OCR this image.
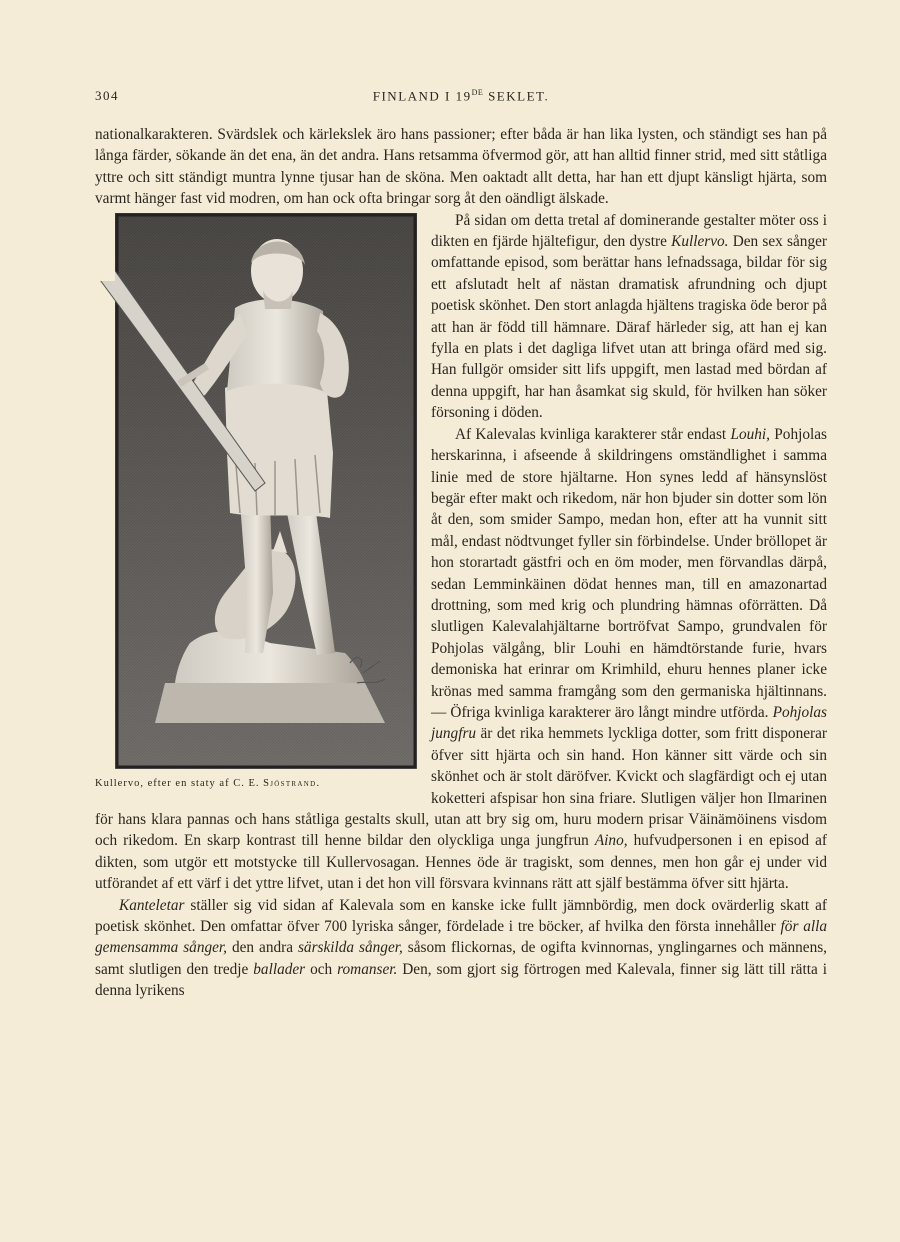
304	FINLAND I 19DE SEKLET.

nationalkarakteren. Svärdslek och kärlekslek äro hans passioner; efter båda är han lika lysten, och ständigt ses han på långa färder, sökande än det ena, än det andra. Hans retsamma öfvermod gör, att han alltid finner strid, med sitt ståtliga yttre och sitt ständigt muntra lynne tjusar han de sköna. Men oaktadt allt detta, har han ett djupt känsligt hjärta, som varmt hänger fast vid modren, om han ock ofta bringar sorg åt den oändligt älskade.

Kullervo, efter en staty af C. E. Sjöstrand.

På sidan om detta tretal af dominerande gestalter möter oss i dikten en fjärde hjältefigur, den dystre Kullervo. Den sex sånger omfattande episod, som berättar hans lefnadssaga, bildar för sig ett afslutadt helt af nästan dramatisk afrundning och djupt poetisk skönhet. Den stort anlagda hjältens tragiska öde beror på att han är född till hämnare. Däraf härleder sig, att han ej kan fylla en plats i det dagliga lifvet utan att bringa ofärd med sig. Han fullgör omsider sitt lifs uppgift, men lastad med bördan af denna uppgift, har han åsamkat sig skuld, för hvilken han söker försoning i döden.

Af Kalevalas kvinliga karakterer står endast Louhi, Pohjolas herskarinna, i afseende å skildringens omständlighet i samma linie med de store hjältarne. Hon synes ledd af hänsynslöst begär efter makt och rikedom, när hon bjuder sin dotter som lön åt den, som smider Sampo, medan hon, efter att ha vunnit sitt mål, endast nödtvunget fyller sin förbindelse. Under bröllopet är hon storartadt gästfri och en öm moder, men förvandlas därpå, sedan Lemminkäinen dödat hennes man, till en amazonartad drottning, som med krig och plundring hämnas oförrätten. Då slutligen Kalevalahjältarne bortröfvat Sampo, grundvalen för Pohjolas välgång, blir Louhi en hämdtörstande furie, hvars demoniska hat erinrar om Krimhild, ehuru hennes planer icke krönas med samma framgång som den germaniska hjältinnans. — Öfriga kvinliga karakterer äro långt mindre utförda. Pohjolas jungfru är det rika hemmets lyckliga dotter, som fritt disponerar öfver sitt hjärta och sin hand. Hon känner sitt värde och sin skönhet och är stolt däröfver. Kvickt och slagfärdigt och ej utan koketteri afspisar hon sina friare. Slutligen väljer hon Ilmarinen för hans klara pannas och hans ståtliga gestalts skull, utan att bry sig om, huru modern prisar Väinämöinens visdom och rikedom. En skarp kontrast till henne bildar den olyckliga unga jungfrun Aino, hufvudpersonen i en episod af dikten, som utgör ett motstycke till Kullervosagan. Hennes öde är tragiskt, som dennes, men hon går ej under vid utförandet af ett värf i det yttre lifvet, utan i det hon vill försvara kvinnans rätt att själf bestämma öfver sitt hjärta.

Kanteletar ställer sig vid sidan af Kalevala som en kanske icke fullt jämnbördig, men dock ovärderlig skatt af poetisk skönhet. Den omfattar öfver 700 lyriska sånger, fördelade i tre böcker, af hvilka den första innehåller för alla gemensamma sånger, den andra särskilda sånger, såsom flickornas, de ogifta kvinnornas, ynglingarnes och männens, samt slutligen den tredje ballader och romanser. Den, som gjort sig förtrogen med Kalevala, finner sig lätt till rätta i denna lyrikens
